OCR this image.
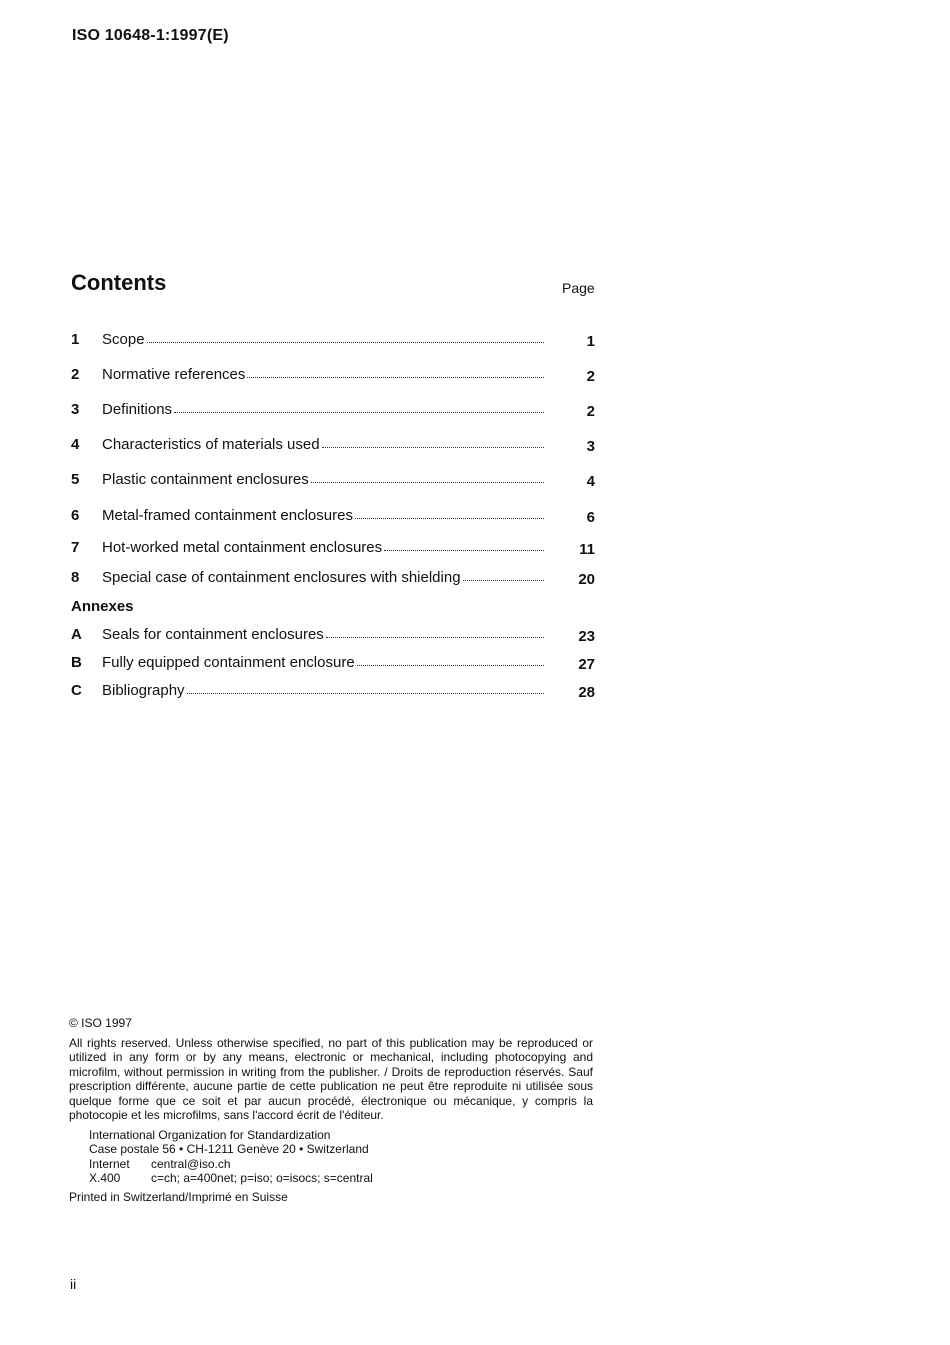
ISO 10648-1:1997(E)
Contents	Page
1 Scope	1
2 Normative references	2
3 Definitions	2
4 Characteristics of materials used	3
5 Plastic containment enclosures	4
6 Metal-framed containment enclosures	6
7 Hot-worked metal containment enclosures	11
8 Special case of containment enclosures with shielding	20
Annexes
A Seals for containment enclosures	23
B Fully equipped containment enclosure	27
C Bibliography	28
© ISO 1997

All rights reserved. Unless otherwise specified, no part of this publication may be reproduced or utilized in any form or by any means, electronic or mechanical, including photocopying and microfilm, without permission in writing from the publisher. / Droits de reproduction réservés. Sauf prescription différente, aucune partie de cette publication ne peut être reproduite ni utilisée sous quelque forme que ce soit et par aucun procédé, électronique ou mécanique, y compris la photocopie et les microfilms, sans l'accord écrit de l'éditeur.

International Organization for Standardization
Case postale 56 • CH-1211 Genève 20 • Switzerland
Internet	central@iso.ch
X.400	c=ch; a=400net; p=iso; o=isocs; s=central
Printed in Switzerland/Imprimé en Suisse
ii
